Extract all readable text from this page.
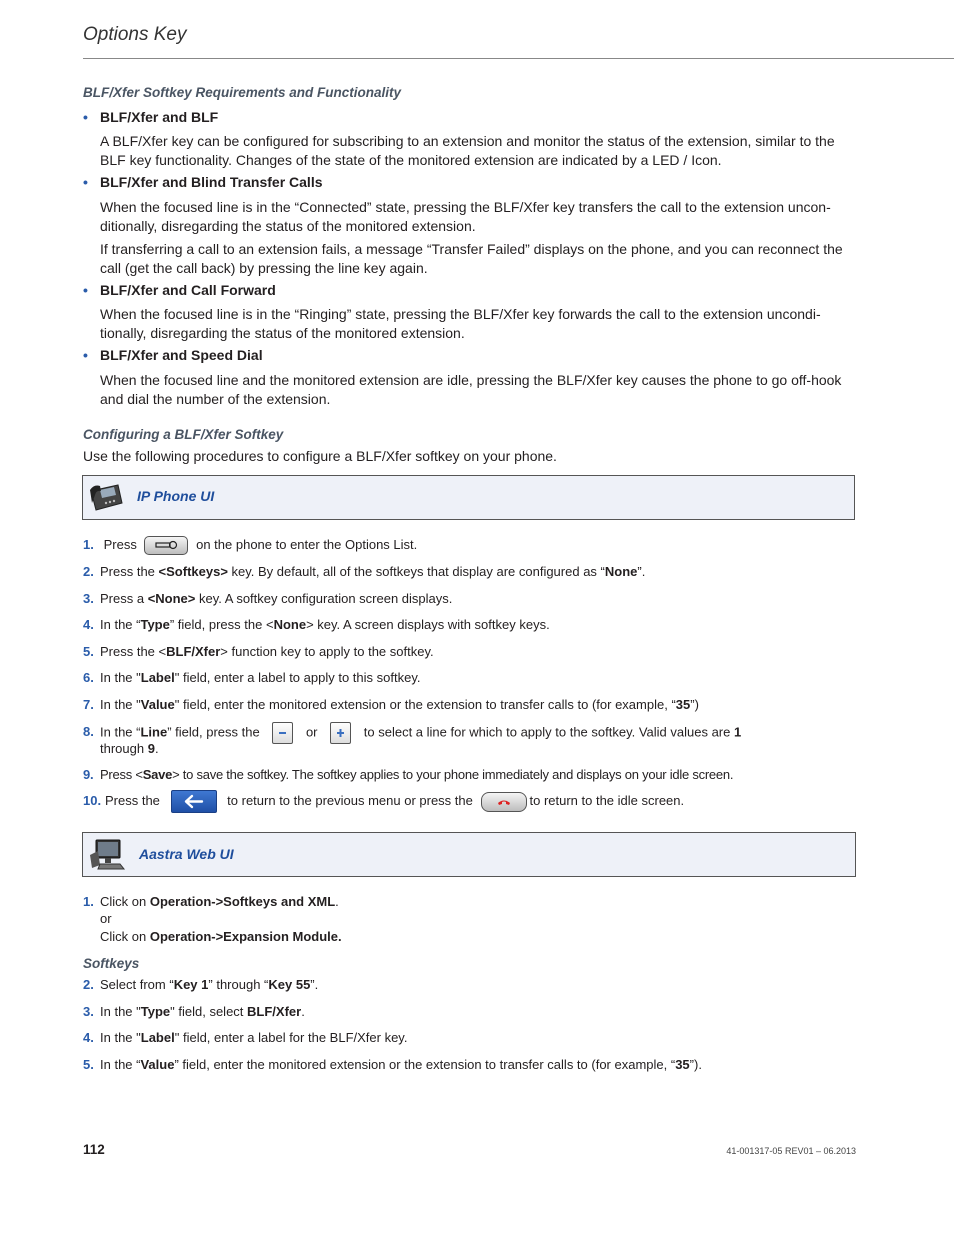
Options Key
BLF/Xfer Softkey Requirements and Functionality
• BLF/Xfer and BLF
A BLF/Xfer key can be configured for subscribing to an extension and monitor the status of the extension, similar to the BLF key functionality. Changes of the state of the monitored extension are indicated by a LED / Icon.
• BLF/Xfer and Blind Transfer Calls
When the focused line is in the “Connected” state, pressing the BLF/Xfer key transfers the call to the extension uncon-ditionally, disregarding the status of the monitored extension.
If transferring a call to an extension fails, a message “Transfer Failed” displays on the phone, and you can reconnect the call (get the call back) by pressing the line key again.
• BLF/Xfer and Call Forward
When the focused line is in the “Ringing” state, pressing the BLF/Xfer key forwards the call to the extension uncondi-tionally, disregarding the status of the monitored extension.
• BLF/Xfer and Speed Dial
When the focused line and the monitored extension are idle, pressing the BLF/Xfer key causes the phone to go off-hook and dial the number of the extension.
Configuring a BLF/Xfer Softkey
Use the following procedures to configure a BLF/Xfer softkey on your phone.
IP Phone UI
1. Press	on the phone to enter the Options List.
2. Press the <Softkeys> key. By default, all of the softkeys that display are configured as “None”.
3. Press a <None> key. A softkey configuration screen displays.
4. In the “Type” field, press the <None> key. A screen displays with softkey keys.
5. Press the <BLF/Xfer> function key to apply to the softkey.
6. In the "Label" field, enter a label to apply to this softkey.
7. In the "Value" field, enter the monitored extension or the extension to transfer calls to (for example, “35”)
8. In the “Line” field, press the	or	to select a line for which to apply to the softkey. Valid values are 1
through 9.
9. Press <Save> to save the softkey. The softkey applies to your phone immediately and displays on your idle screen.
10. Press the	to return to the previous menu or press the	to return to the idle screen.
Aastra Web UI
1. Click on Operation->Softkeys and XML.
or
Click on Operation->Expansion Module.
Softkeys
2. Select from “Key 1” through “Key 55”.
3. In the "Type" field, select BLF/Xfer.
4. In the "Label" field, enter a label for the BLF/Xfer key.
5. In the “Value” field, enter the monitored extension or the extension to transfer calls to (for example, “35”).
112	41-001317-05 REV01 – 06.2013
